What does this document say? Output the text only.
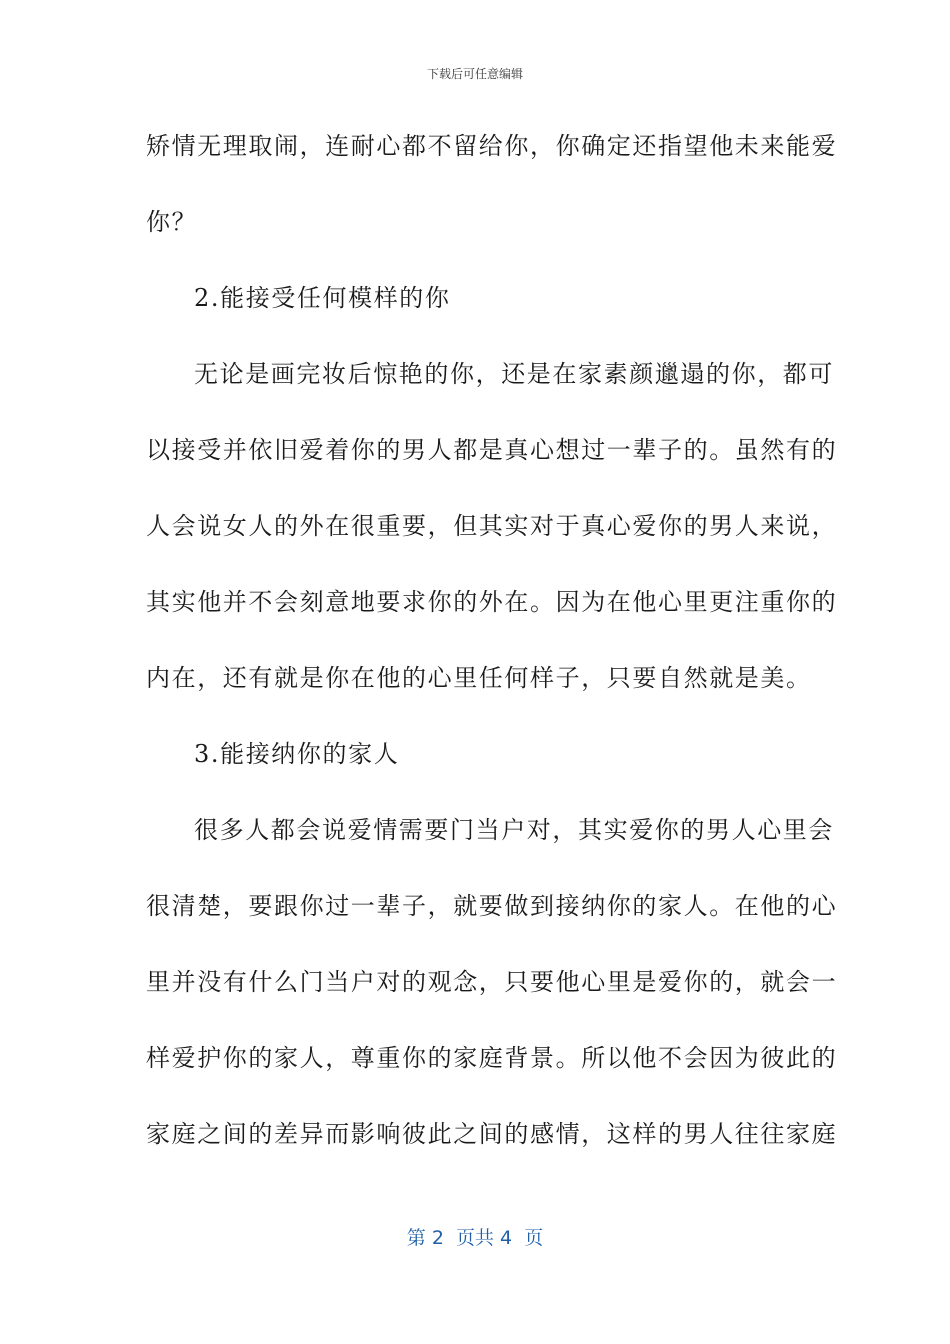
下载后可任意编辑

矫情无理取闹，连耐心都不留给你，你确定还指望他未来能爱

你？

2.能接受任何模样的你

无论是画完妆后惊艳的你，还是在家素颜邋遢的你，都可

以接受并依旧爱着你的男人都是真心想过一辈子的。虽然有的

人会说女人的外在很重要，但其实对于真心爱你的男人来说，

其实他并不会刻意地要求你的外在。因为在他心里更注重你的

内在，还有就是你在他的心里任何样子，只要自然就是美。

3.能接纳你的家人

很多人都会说爱情需要门当户对，其实爱你的男人心里会

很清楚，要跟你过一辈子，就要做到接纳你的家人。在他的心

里并没有什么门当户对的观念，只要他心里是爱你的，就会一

样爱护你的家人，尊重你的家庭背景。所以他不会因为彼此的

家庭之间的差异而影响彼此之间的感情，这样的男人往往家庭

第 2  页共 4  页
